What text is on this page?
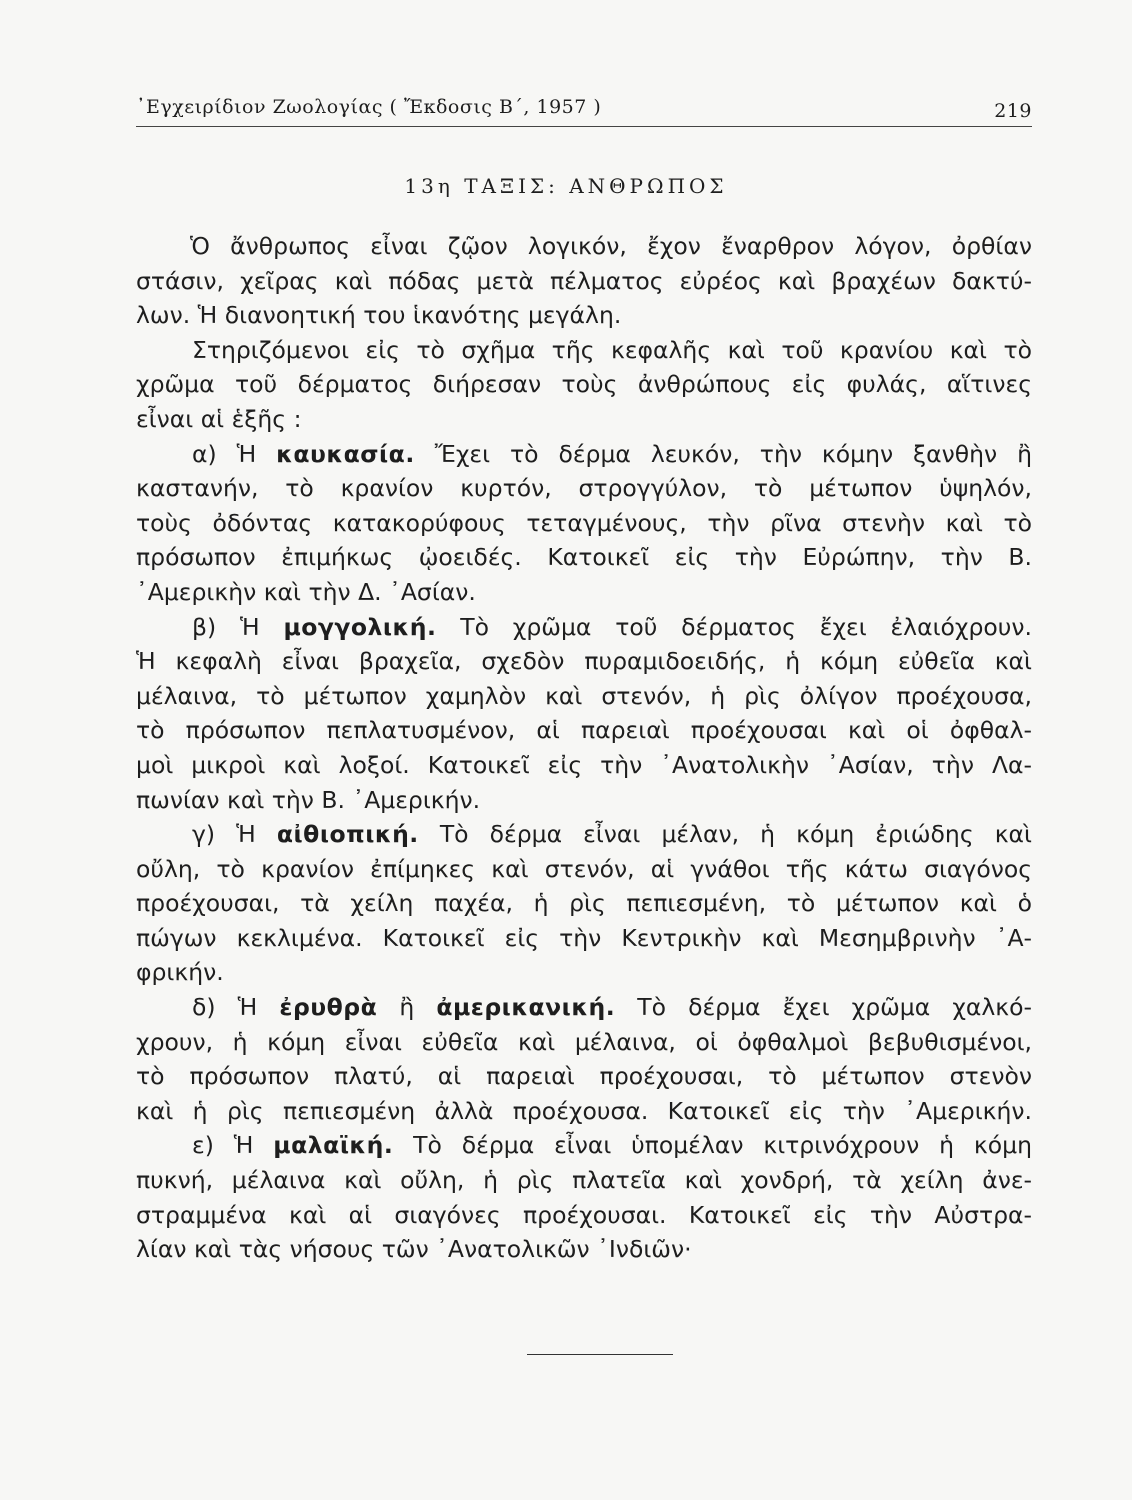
᾿Εγχειρίδιον Ζωολογίας ( Ἔκδοσις Β΄, 1957 )	219
13η ΤΑΞΙΣ: ΑΝΘΡΩΠΟΣ
Ὁ ἄνθρωπος εἶναι ζῷον λογικόν, ἔχον ἔναρθρον λόγον, ὀρθίαν
στάσιν, χεῖρας καὶ πόδας μετὰ πέλματος εὐρέος καὶ βραχέων δακτύ-
λων. Ἡ διανοητική του ἱκανότης μεγάλη.
Στηριζόμενοι εἰς τὸ σχῆμα τῆς κεφαλῆς καὶ τοῦ κρανίου καὶ τὸ
χρῶμα τοῦ δέρματος διήρεσαν τοὺς ἀνθρώπους εἰς φυλάς, αἵτινες
εἶναι αἱ ἑξῆς :
α) Ἡ καυκασία. Ἔχει τὸ δέρμα λευκόν, τὴν κόμην ξανθὴν ἢ
καστανήν, τὸ κρανίον κυρτόν, στρογγύλον, τὸ μέτωπον ὑψηλόν,
τοὺς ὀδόντας κατακορύφους τεταγμένους, τὴν ρῖνα στενὴν καὶ τὸ
πρόσωπον ἐπιμήκως ᾠοειδές. Κατοικεῖ εἰς τὴν Εὐρώπην, τὴν Β.
᾿Αμερικὴν καὶ τὴν Δ. ᾿Ασίαν.
β) Ἡ μογγολική. Τὸ χρῶμα τοῦ δέρματος ἔχει ἐλαιόχρουν.
Ἡ κεφαλὴ εἶναι βραχεῖα, σχεδὸν πυραμιδοειδής, ἡ κόμη εὐθεῖα καὶ
μέλαινα, τὸ μέτωπον χαμηλὸν καὶ στενόν, ἡ ρὶς ὀλίγον προέχουσα,
τὸ πρόσωπον πεπλατυσμένον, αἱ παρειαὶ προέχουσαι καὶ οἱ ὀφθαλ-
μοὶ μικροὶ καὶ λοξοί. Κατοικεῖ εἰς τὴν ᾿Ανατολικὴν ᾿Ασίαν, τὴν Λα-
πωνίαν καὶ τὴν Β. ᾿Αμερικήν.
γ) Ἡ αἰθιοπική. Τὸ δέρμα εἶναι μέλαν, ἡ κόμη ἐριώδης καὶ
οὔλη, τὸ κρανίον ἐπίμηκες καὶ στενόν, αἱ γνάθοι τῆς κάτω σιαγόνος
προέχουσαι, τὰ χείλη παχέα, ἡ ρὶς πεπιεσμένη, τὸ μέτωπον καὶ ὁ
πώγων κεκλιμένα. Κατοικεῖ εἰς τὴν Κεντρικὴν καὶ Μεσημβρινὴν ᾿Α-
φρικήν.
δ) Ἡ ἐρυθρὰ ἢ ἀμερικανική. Τὸ δέρμα ἔχει χρῶμα χαλκό-
χρουν, ἡ κόμη εἶναι εὐθεῖα καὶ μέλαινα, οἱ ὀφθαλμοὶ βεβυθισμένοι,
τὸ πρόσωπον πλατύ, αἱ παρειαὶ προέχουσαι, τὸ μέτωπον στενὸν
καὶ ἡ ρὶς πεπιεσμένη ἀλλὰ προέχουσα. Κατοικεῖ εἰς τὴν ᾿Αμερικήν.
ε) Ἡ μαλαϊκή. Τὸ δέρμα εἶναι ὑπομέλαν κιτρινόχρουν ἡ κόμη
πυκνή, μέλαινα καὶ οὔλη, ἡ ρὶς πλατεῖα καὶ χονδρή, τὰ χείλη ἀνε-
στραμμένα καὶ αἱ σιαγόνες προέχουσαι. Κατοικεῖ εἰς τὴν Αὐστρα-
λίαν καὶ τὰς νήσους τῶν ᾿Ανατολικῶν ᾿Ινδιῶν·
